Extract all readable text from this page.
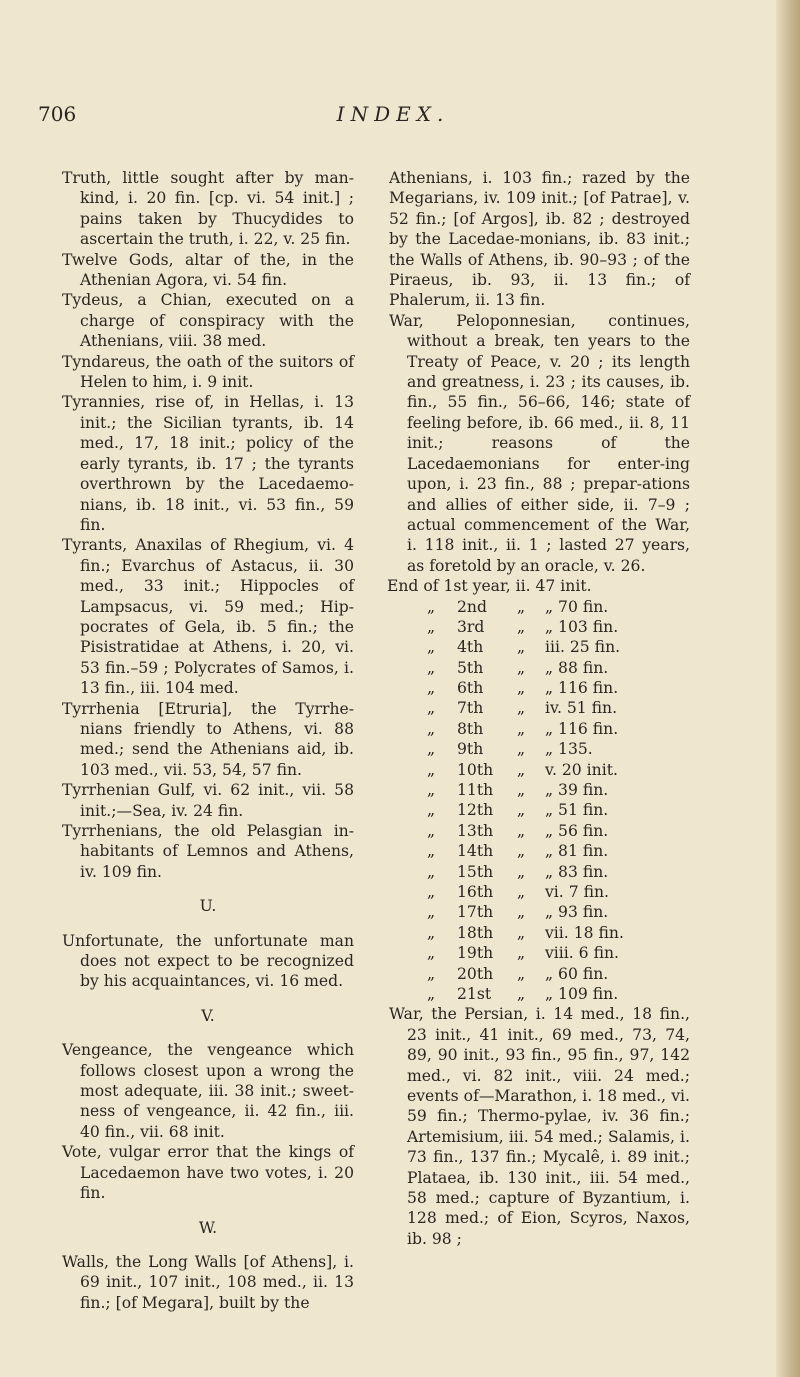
706	INDEX.

Truth, little sought after by man-kind, i. 20 fin. [cp. vi. 54 init.] ; pains taken by Thucydides to ascertain the truth, i. 22, v. 25 fin.

Twelve Gods, altar of the, in the Athenian Agora, vi. 54 fin.

Tydeus, a Chian, executed on a charge of conspiracy with the Athenians, viii. 38 med.

Tyndareus, the oath of the suitors of Helen to him, i. 9 init.

Tyrannies, rise of, in Hellas, i. 13 init.; the Sicilian tyrants, ib. 14 med., 17, 18 init.; policy of the early tyrants, ib. 17 ; the tyrants overthrown by the Lacedaemo-nians, ib. 18 init., vi. 53 fin., 59 fin.

Tyrants, Anaxilas of Rhegium, vi. 4 fin.; Evarchus of Astacus, ii. 30 med., 33 init.; Hippocles of Lampsacus, vi. 59 med.; Hip-pocrates of Gela, ib. 5 fin.; the Pisistratidae at Athens, i. 20, vi. 53 fin.–59 ; Polycrates of Samos, i. 13 fin., iii. 104 med.

Tyrrhenia [Etruria], the Tyrrhe-nians friendly to Athens, vi. 88 med.; send the Athenians aid, ib. 103 med., vii. 53, 54, 57 fin.

Tyrrhenian Gulf, vi. 62 init., vii. 58 init.;—Sea, iv. 24 fin.

Tyrrhenians, the old Pelasgian in-habitants of Lemnos and Athens, iv. 109 fin.

U.

Unfortunate, the unfortunate man does not expect to be recognized by his acquaintances, vi. 16 med.

V.

Vengeance, the vengeance which follows closest upon a wrong the most adequate, iii. 38 init.; sweet-ness of vengeance, ii. 42 fin., iii. 40 fin., vii. 68 init.

Vote, vulgar error that the kings of Lacedaemon have two votes, i. 20 fin.

W.

Walls, the Long Walls [of Athens], i. 69 init., 107 init., 108 med., ii. 13 fin.; [of Megara], built by the

Athenians, i. 103 fin.; razed by the Megarians, iv. 109 init.; [of Patrae], v. 52 fin.; [of Argos], ib. 82 ; destroyed by the Lacedae-monians, ib. 83 init.; the Walls of Athens, ib. 90–93 ; of the Piraeus, ib. 93, ii. 13 fin.; of Phalerum, ii. 13 fin.

War, Peloponnesian, continues, without a break, ten years to the Treaty of Peace, v. 20 ; its length and greatness, i. 23 ; its causes, ib. fin., 55 fin., 56–66, 146; state of feeling before, ib. 66 med., ii. 8, 11 init.; reasons of the Lacedaemonians for enter-ing upon, i. 23 fin., 88 ; prepar-ations and allies of either side, ii. 7–9 ; actual commencement of the War, i. 118 init., ii. 1 ; lasted 27 years, as foretold by an oracle, v. 26.

End of 1st year, ii. 47 init.
„	2nd	„	„ 70 fin.
„	3rd	„	„ 103 fin.
„	4th	„	iii. 25 fin.
„	5th	„	„ 88 fin.
„	6th	„	„ 116 fin.
„	7th	„	iv. 51 fin.
„	8th	„	„ 116 fin.
„	9th	„	„ 135.
„	10th	„	v. 20 init.
„	11th	„	„ 39 fin.
„	12th	„	„ 51 fin.
„	13th	„	„ 56 fin.
„	14th	„	„ 81 fin.
„	15th	„	„ 83 fin.
„	16th	„	vi. 7 fin.
„	17th	„	„ 93 fin.
„	18th	„	vii. 18 fin.
„	19th	„	viii. 6 fin.
„	20th	„	„ 60 fin.
„	21st	„	„ 109 fin.

War, the Persian, i. 14 med., 18 fin., 23 init., 41 init., 69 med., 73, 74, 89, 90 init., 93 fin., 95 fin., 97, 142 med., vi. 82 init., viii. 24 med.; events of—Marathon, i. 18 med., vi. 59 fin.; Thermo-pylae, iv. 36 fin.; Artemisium, iii. 54 med.; Salamis, i. 73 fin., 137 fin.; Mycalê, i. 89 init.; Plataea, ib. 130 init., iii. 54 med., 58 med.; capture of Byzantium, i. 128 med.; of Eion, Scyros, Naxos, ib. 98 ;
